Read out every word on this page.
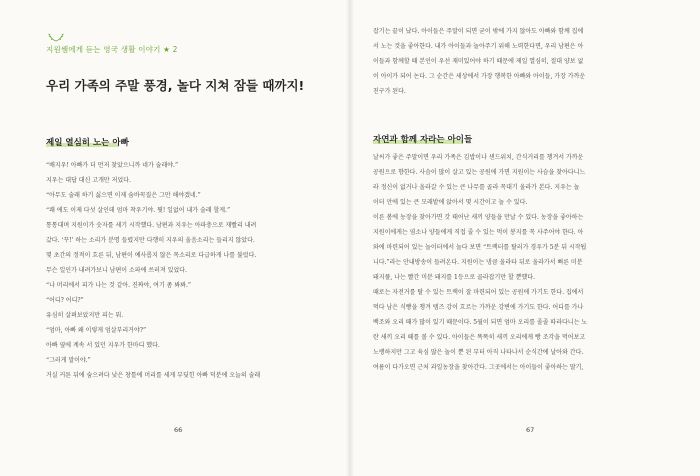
지원쌤에게 듣는 영국 생활 이야기 ★ 2
우리 가족의 주말 풍경, 놀다 지쳐 잠들 때까지!
제일 열심히 노는 아빠
“배지우! 아빠가 더 먼저 찾았으니까 네가 술래야.”
지우는 대답 대신 고개만 저었다.
“아무도 술래 하기 싫으면 이제 숨바꼭질은 그만 해야겠네.”
“쾌 에도 이제 다섯 살인데 엄마 착우기야. 뭣! 일없어 내가 술래 할게.”
통통대며 지원이가 숫자를 세기 시작했다. 남편과 지우는 아파충으로 재빨리 내려
갔다. ‘꾸!’ 하는 소리가 분명 들렸지만 다행히 지우의 울음소리는 들리지 않았다.
몇 초간의 정적이 흐른 뒤, 남편이 예사롭지 않은 목소리로 다급하게 나를 불렀다.
무슨 일인가 내려가보니 남편이 소파에 쓰러져 있었다.
“나 머리에서 피가 나는 것 같아. 진짜야, 여기 좀 봐봐.”
“어디? 어디?”
유심히 살펴보았지만 피는 뭐.
“엄마, 아빠 왜 이렇게 엄살부리거야?”
아빠 옆에 계속 서 있던 지우가 한마디 했다.
“그러게 말이야.”
거실 커튼 뒤에 숨으려다 낮은 창틀에 머리를 세게 부딪힌 아빠 덕분에 오늘의 술래
66
잡기는 끝이 났다. 아이들은 주말이 되면 굳이 밖에 가지 않아도 아빠와 함께 집에
서 노는 것을 좋아한다. 내가 아이들과 놀아주기 위해 노력한다면, 우리 남편은 아
이들과 함께할 때 본인이 우선 재미있어야 하기 때문에 제일 열심히, 절대 양보 없
이 아이가 되어 논다. 그 순간은 세상에서 가장 행복한 아빠와 아이들, 가장 가까운
친구가 된다.
자연과 함께 자라는 아이들
날씨가 좋은 주말이면 우리 가족은 김밥이나 샌드위치, 간식거리를 챙겨서 가까운
공원으로 향한다. 사슴이 많이 살고 있는 공원에 가면 지원이는 사슴을 찾아다니느
라 정신이 없거나 올라갈 수 있는 큰 나무를 골라 꼭대기 올라가 본다. 지우는 놀
이터 안에 있는 큰 모래밭에 앉아서 몇 시간이고 놀 수 있다.
이른 봄에 농장을 찾아가면 갓 태어난 새끼 양들을 만날 수 있다. 농장을 좋아하는
지원이에게는 염소나 양들에게 직접 줄 수 있는 먹이 봉지를 꼭 사주어야 한다. 아
와에 마련되어 있는 놀이터에서 놀다 보면 “트랙터를 탈러가 경우가 5분 뒤 시작됩
니다.”라는 안내방송이 들려온다. 지원이는 냉큼 올라타 뒤로 올라가서 뻐른 미분
돼지풀, 나는 빨간 미분 돼지를 1등으로 골라잡기만 할 뿐했다.
때로는 자전거를 탈 수 있는 트랙이 잘 마련되어 있는 공원에 가기도 한다. 집에서
먹다 남은 식빵을 챙겨 템즈 강이 흐르는 가까운 강변에 가기도 한다. 어디를 가나
백조와 오리 때가 많이 있기 때문이다. 5월이 되면 엄마 오리를 졸졸 따라다니는 노
란 새끼 오리 떼를 볼 수 있다. 아이들은 똑똑히 새끼 오리에게 빵 조각을 먹어보고
노랭하지만 그고 육심 많은 놀이 뿐 된 부터 아직 나타나서 순식간에 날아와 간다.
여름이 다가오면 근처 과일농장을 찾아간다. 그곳에서는 아이들이 좋아하는 딸기,
67
